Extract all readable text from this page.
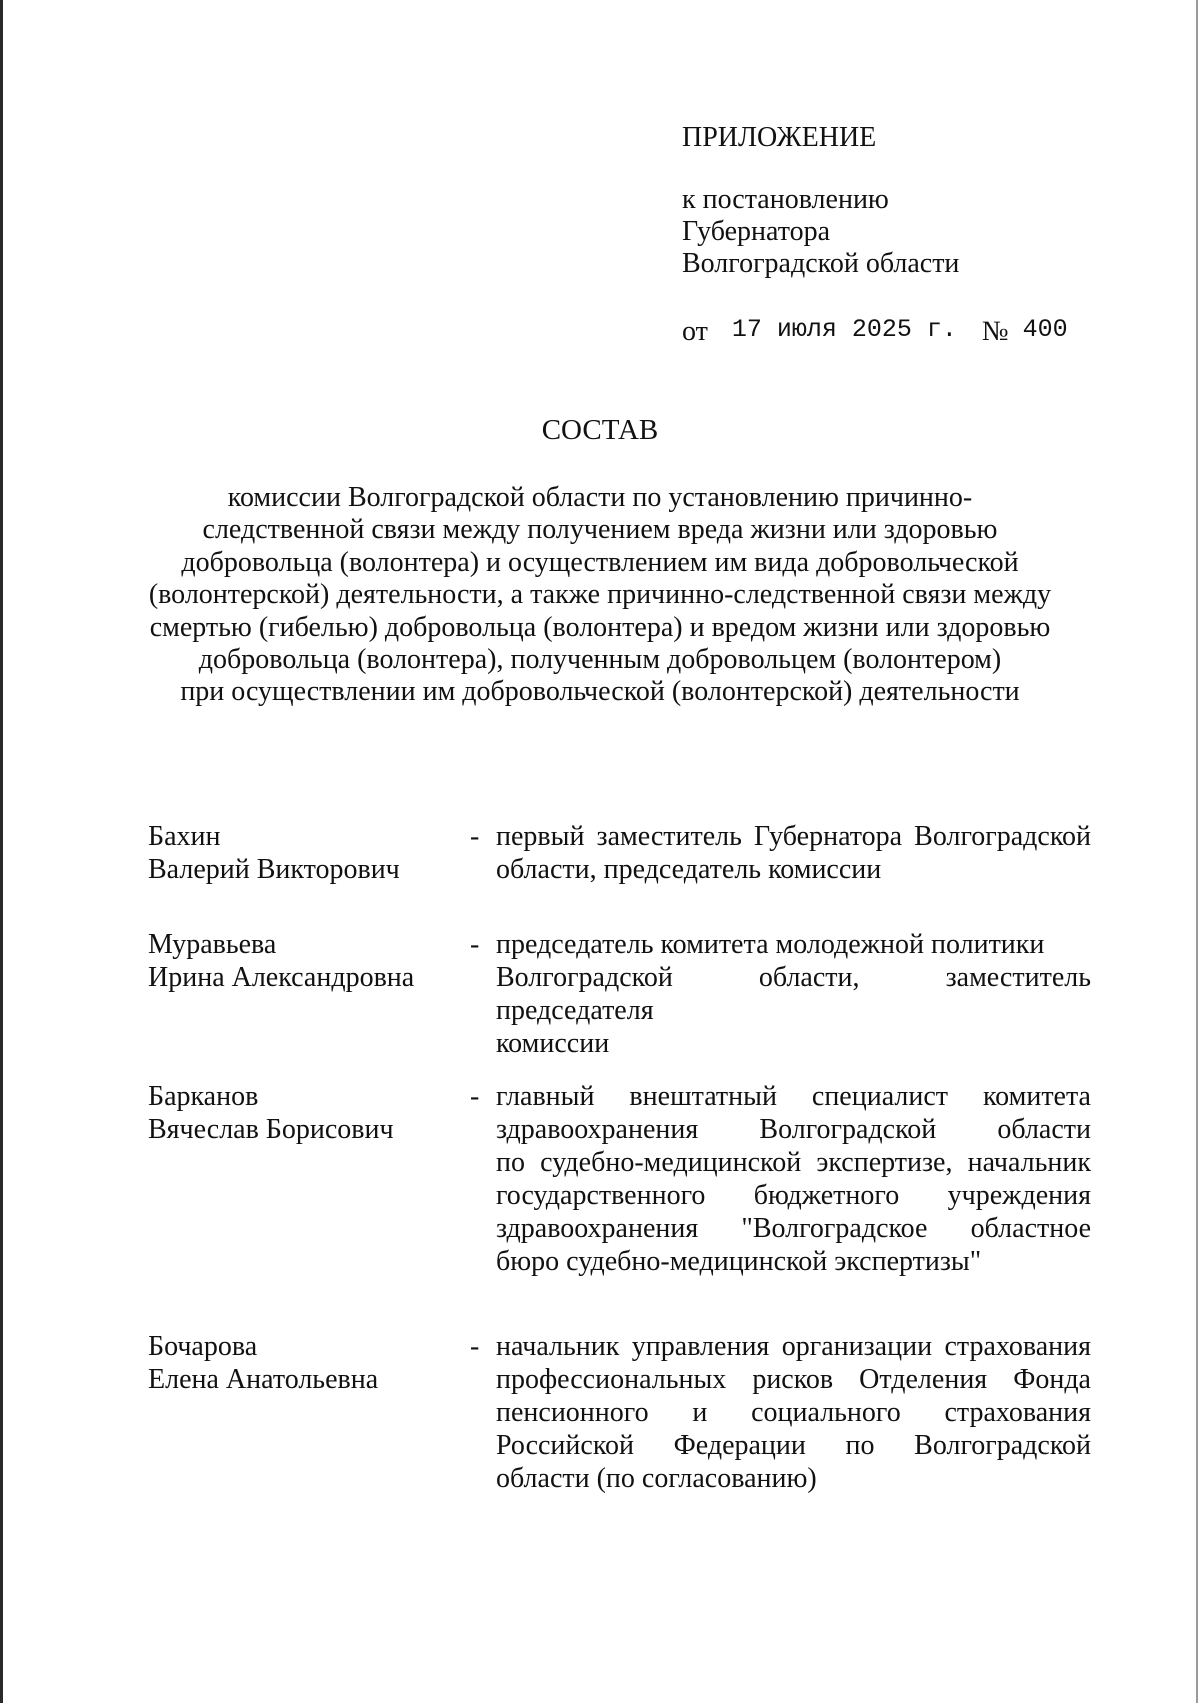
ПРИЛОЖЕНИЕ
к постановлению
Губернатора
Волгоградской области
от 17 июля 2025 г. № 400
СОСТАВ
комиссии Волгоградской области по установлению причинно-
следственной связи между получением вреда жизни или здоровью
добровольца (волонтера) и осуществлением им вида добровольческой
(волонтерской) деятельности, а также причинно-следственной связи между
смертью (гибелью) добровольца (волонтера) и вредом жизни или здоровью
добровольца (волонтера), полученным добровольцем (волонтером)
при осуществлении им добровольческой (волонтерской) деятельности
Бахин
Валерий Викторович
- первый заместитель Губернатора Волгоградской
области, председатель комиссии
Муравьева
Ирина Александровна
- председатель комитета молодежной политики
Волгоградской области, заместитель председателя
комиссии
Барканов
Вячеслав Борисович
- главный внештатный специалист комитета
здравоохранения Волгоградской области
по судебно-медицинской экспертизе, начальник
государственного бюджетного учреждения
здравоохранения "Волгоградское областное
бюро судебно-медицинской экспертизы"
Бочарова
Елена Анатольевна
- начальник управления организации страхования
профессиональных рисков Отделения Фонда
пенсионного и социального страхования
Российской Федерации по Волгоградской
области (по согласованию)
